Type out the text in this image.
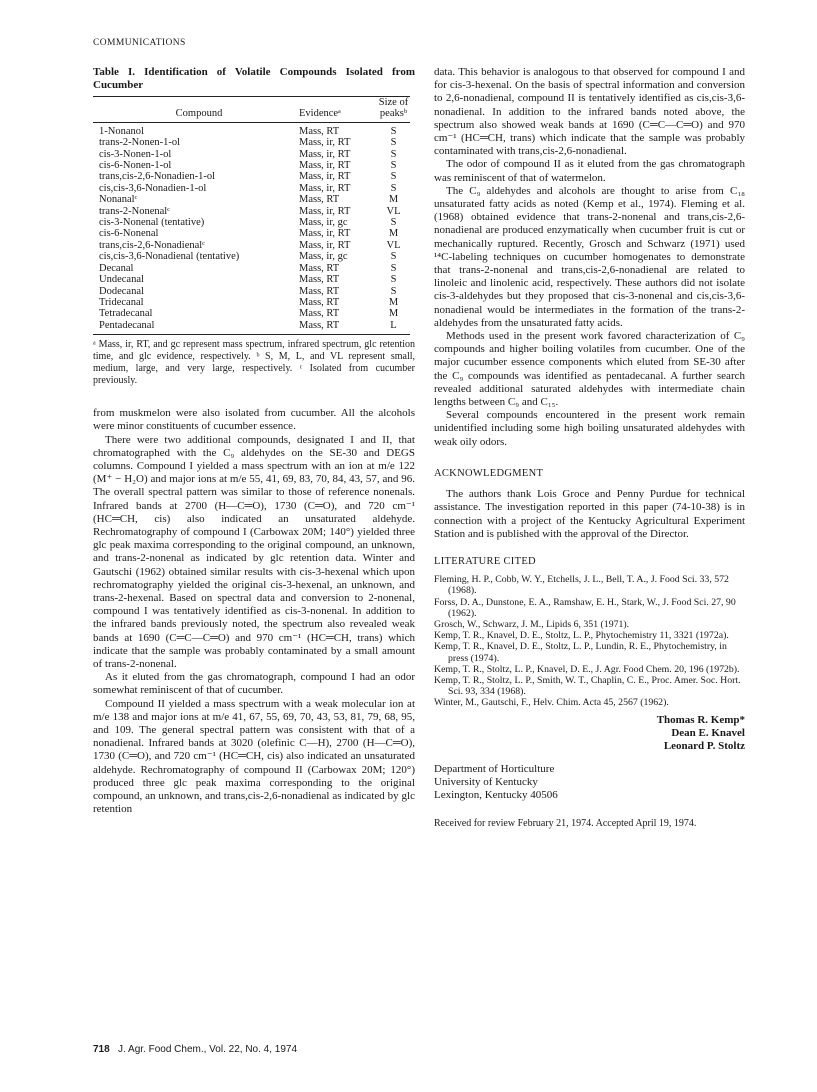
COMMUNICATIONS
Table I. Identification of Volatile Compounds Isolated from Cucumber
		Size of
Compound	Evidenceᵃ	peaksᵇ
1-Nonanol	Mass, RT	S
trans-2-Nonen-1-ol	Mass, ir, RT	S
cis-3-Nonen-1-ol	Mass, ir, RT	S
cis-6-Nonen-1-ol	Mass, ir, RT	S
trans,cis-2,6-Nonadien-1-ol	Mass, ir, RT	S
cis,cis-3,6-Nonadien-1-ol	Mass, ir, RT	S
Nonanalᶜ	Mass, RT	M
trans-2-Nonenalᶜ	Mass, ir, RT	VL
cis-3-Nonenal (tentative)	Mass, ir, gc	S
cis-6-Nonenal	Mass, ir, RT	M
trans,cis-2,6-Nonadienalᶜ	Mass, ir, RT	VL
cis,cis-3,6-Nonadienal (tentative)	Mass, ir, gc	S
Decanal	Mass, RT	S
Undecanal	Mass, RT	S
Dodecanal	Mass, RT	S
Tridecanal	Mass, RT	M
Tetradecanal	Mass, RT	M
Pentadecanal	Mass, RT	L
ᵃ Mass, ir, RT, and gc represent mass spectrum, infrared spectrum, glc retention time, and glc evidence, respectively. ᵇ S, M, L, and VL represent small, medium, large, and very large, respectively. ᶜ Isolated from cucumber previously.

from muskmelon were also isolated from cucumber. All the alcohols were minor constituents of cucumber essence.

There were two additional compounds, designated I and II, that chromatographed with the C₉ aldehydes on the SE-30 and DEGS columns. Compound I yielded a mass spectrum with an ion at m/e 122 (M⁺ − H₂O) and major ions at m/e 55, 41, 69, 83, 70, 84, 43, 57, and 96. The overall spectral pattern was similar to those of reference nonenals. Infrared bands at 2700 (H—C═O), 1730 (C═O), and 720 cm⁻¹ (HC═CH, cis) also indicated an unsaturated aldehyde. Rechromatography of compound I (Carbowax 20M; 140°) yielded three glc peak maxima corresponding to the original compound, an unknown, and trans-2-nonenal as indicated by glc retention data. Winter and Gautschi (1962) obtained similar results with cis-3-hexenal which upon rechromatography yielded the original cis-3-hexenal, an unknown, and trans-2-hexenal. Based on spectral data and conversion to 2-nonenal, compound I was tentatively identified as cis-3-nonenal. In addition to the infrared bands previously noted, the spectrum also revealed weak bands at 1690 (C═C—C═O) and 970 cm⁻¹ (HC═CH, trans) which indicate that the sample was probably contaminated by a small amount of trans-2-nonenal.

As it eluted from the gas chromatograph, compound I had an odor somewhat reminiscent of that of cucumber.

Compound II yielded a mass spectrum with a weak molecular ion at m/e 138 and major ions at m/e 41, 67, 55, 69, 70, 43, 53, 81, 79, 68, 95, and 109. The general spectral pattern was consistent with that of a nonadienal. Infrared bands at 3020 (olefinic C—H), 2700 (H—C═O), 1730 (C═O), and 720 cm⁻¹ (HC═CH, cis) also indicated an unsaturated aldehyde. Rechromatography of compound II (Carbowax 20M; 120°) produced three glc peak maxima corresponding to the original compound, an unknown, and trans,cis-2,6-nonadienal as indicated by glc retention

data. This behavior is analogous to that observed for compound I and for cis-3-hexenal. On the basis of spectral information and conversion to 2,6-nonadienal, compound II is tentatively identified as cis,cis-3,6-nonadienal. In addition to the infrared bands noted above, the spectrum also showed weak bands at 1690 (C═C—C═O) and 970 cm⁻¹ (HC═CH, trans) which indicate that the sample was probably contaminated with trans,cis-2,6-nonadienal.

The odor of compound II as it eluted from the gas chromatograph was reminiscent of that of watermelon.

The C₉ aldehydes and alcohols are thought to arise from C₁₈ unsaturated fatty acids as noted (Kemp et al., 1974). Fleming et al. (1968) obtained evidence that trans-2-nonenal and trans,cis-2,6-nonadienal are produced enzymatically when cucumber fruit is cut or mechanically ruptured. Recently, Grosch and Schwarz (1971) used ¹⁴C-labeling techniques on cucumber homogenates to demonstrate that trans-2-nonenal and trans,cis-2,6-nonadienal are related to linoleic and linolenic acid, respectively. These authors did not isolate cis-3-aldehydes but they proposed that cis-3-nonenal and cis,cis-3,6-nonadienal would be intermediates in the formation of the trans-2-aldehydes from the unsaturated fatty acids.

Methods used in the present work favored characterization of C₉ compounds and higher boiling volatiles from cucumber. One of the major cucumber essence components which eluted from SE-30 after the C₉ compounds was identified as pentadecanal. A further search revealed additional saturated aldehydes with intermediate chain lengths between C₉ and C₁₅.

Several compounds encountered in the present work remain unidentified including some high boiling unsaturated aldehydes with weak oily odors.

ACKNOWLEDGMENT

The authors thank Lois Groce and Penny Purdue for technical assistance. The investigation reported in this paper (74-10-38) is in connection with a project of the Kentucky Agricultural Experiment Station and is published with the approval of the Director.

LITERATURE CITED

Fleming, H. P., Cobb, W. Y., Etchells, J. L., Bell, T. A., J. Food Sci. 33, 572 (1968).
Forss, D. A., Dunstone, E. A., Ramshaw, E. H., Stark, W., J. Food Sci. 27, 90 (1962).
Grosch, W., Schwarz, J. M., Lipids 6, 351 (1971).
Kemp, T. R., Knavel, D. E., Stoltz, L. P., Phytochemistry 11, 3321 (1972a).
Kemp, T. R., Knavel, D. E., Stoltz, L. P., Lundin, R. E., Phytochemistry, in press (1974).
Kemp, T. R., Stoltz, L. P., Knavel, D. E., J. Agr. Food Chem. 20, 196 (1972b).
Kemp, T. R., Stoltz, L. P., Smith, W. T., Chaplin, C. E., Proc. Amer. Soc. Hort. Sci. 93, 334 (1968).
Winter, M., Gautschi, F., Helv. Chim. Acta 45, 2567 (1962).
Thomas R. Kemp*
Dean E. Knavel
Leonard P. Stoltz
Department of Horticulture
University of Kentucky
Lexington, Kentucky 40506
Received for review February 21, 1974. Accepted April 19, 1974.
718 J. Agr. Food Chem., Vol. 22, No. 4, 1974
